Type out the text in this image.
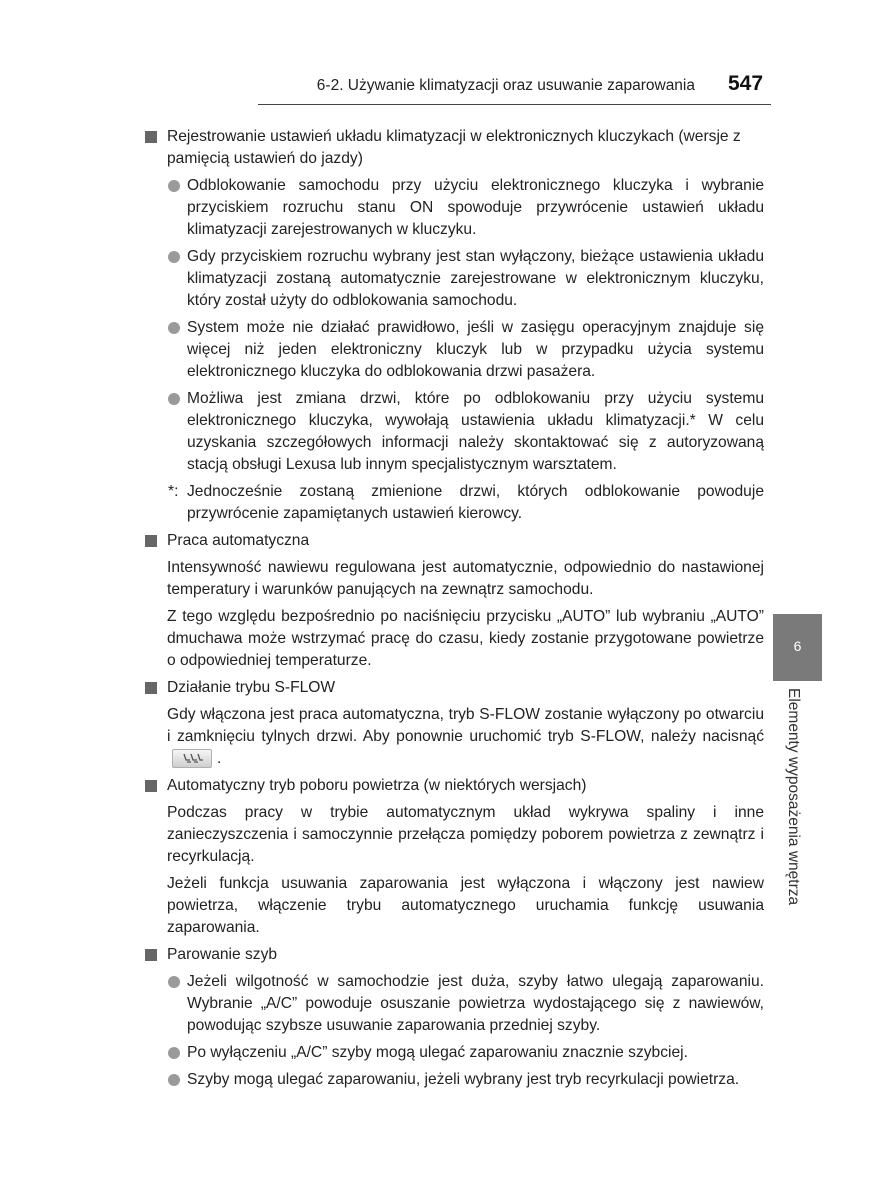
6-2. Używanie klimatyzacji oraz usuwanie zaparowania 547
Rejestrowanie ustawień układu klimatyzacji w elektronicznych kluczykach (wersje z pamięcią ustawień do jazdy)
Odblokowanie samochodu przy użyciu elektronicznego kluczyka i wybranie przyciskiem rozruchu stanu ON spowoduje przywrócenie ustawień układu klimatyzacji zarejestrowanych w kluczyku.
Gdy przyciskiem rozruchu wybrany jest stan wyłączony, bieżące ustawienia układu klimatyzacji zostaną automatycznie zarejestrowane w elektronicznym kluczyku, który został użyty do odblokowania samochodu.
System może nie działać prawidłowo, jeśli w zasięgu operacyjnym znajduje się więcej niż jeden elektroniczny kluczyk lub w przypadku użycia systemu elektronicznego kluczyka do odblokowania drzwi pasażera.
Możliwa jest zmiana drzwi, które po odblokowaniu przy użyciu systemu elektronicznego kluczyka, wywołają ustawienia układu klimatyzacji.* W celu uzyskania szczegółowych informacji należy skontaktować się z autoryzowaną stacją obsługi Lexusa lub innym specjalistycznym warsztatem.
*: Jednocześnie zostaną zmienione drzwi, których odblokowanie powoduje przywrócenie zapamiętanych ustawień kierowcy.
Praca automatyczna

Intensywność nawiewu regulowana jest automatycznie, odpowiednio do nastawionej temperatury i warunków panujących na zewnątrz samochodu.

Z tego względu bezpośrednio po naciśnięciu przycisku „AUTO” lub wybraniu „AUTO” dmuchawa może wstrzymać pracę do czasu, kiedy zostanie przygotowane powietrze o odpowiedniej temperaturze.

Działanie trybu S-FLOW

Gdy włączona jest praca automatyczna, tryb S-FLOW zostanie wyłączony po otwarciu i zamknięciu tylnych drzwi. Aby ponownie uruchomić tryb S-FLOW, należy nacisnąć
.

Automatyczny tryb poboru powietrza (w niektórych wersjach)

Podczas pracy w trybie automatycznym układ wykrywa spaliny i inne zanieczyszczenia i samoczynnie przełącza pomiędzy poborem powietrza z zewnątrz i recyrkulacją.

Jeżeli funkcja usuwania zaparowania jest wyłączona i włączony jest nawiew powietrza, włączenie trybu automatycznego uruchamia funkcję usuwania zaparowania.

Parowanie szyb
Jeżeli wilgotność w samochodzie jest duża, szyby łatwo ulegają zaparowaniu. Wybranie „A/C” powoduje osuszanie powietrza wydostającego się z nawiewów, powodując szybsze usuwanie zaparowania przedniej szyby.
Po wyłączeniu „A/C” szyby mogą ulegać zaparowaniu znacznie szybciej.
Szyby mogą ulegać zaparowaniu, jeżeli wybrany jest tryb recyrkulacji powietrza.
6
Elementy wyposażenia wnętrza
